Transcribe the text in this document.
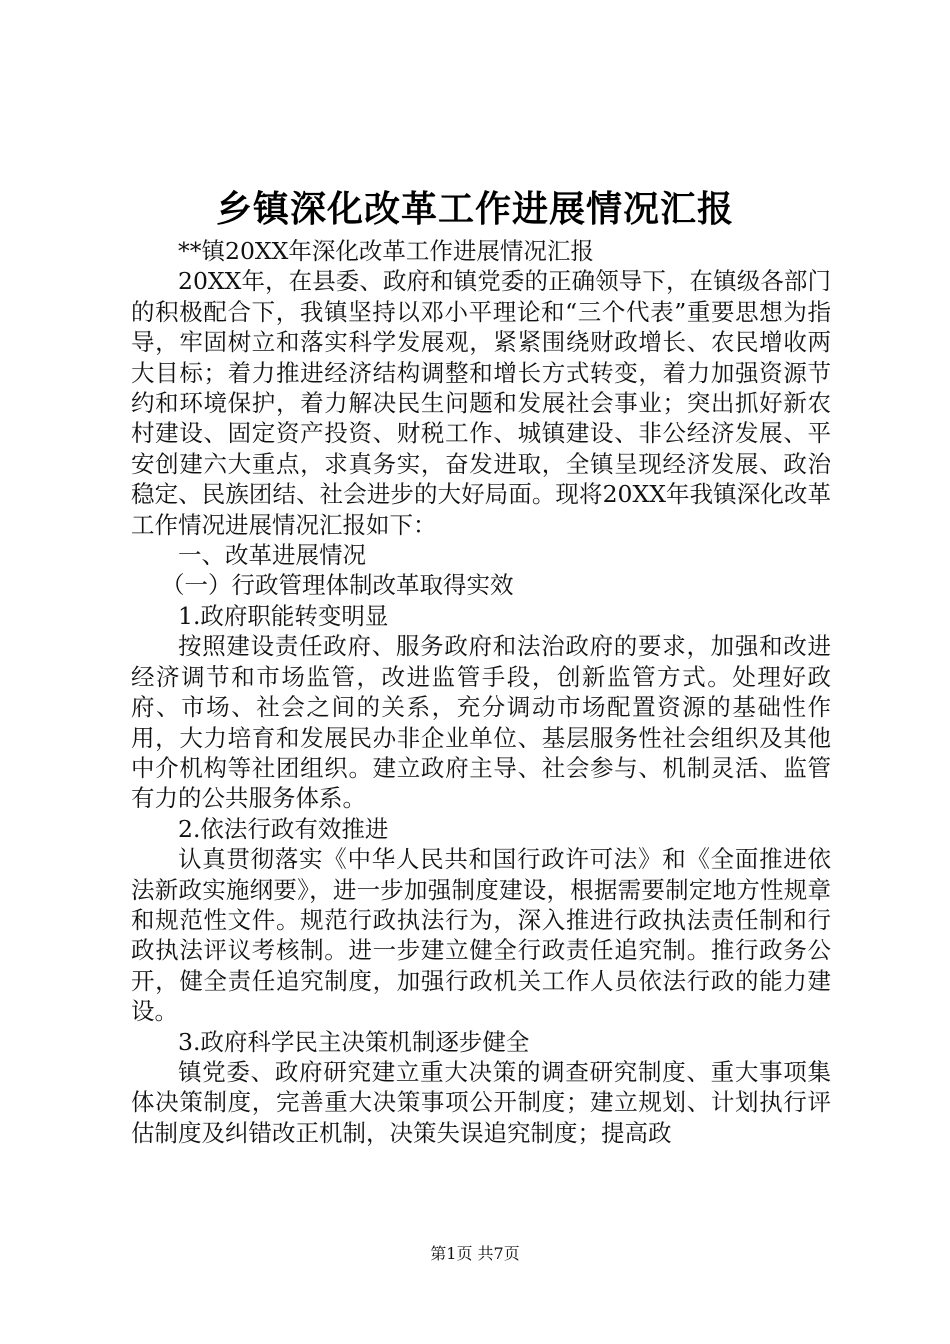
乡镇深化改革工作进展情况汇报

**镇20XX年深化改革工作进展情况汇报

20XX年，在县委、政府和镇党委的正确领导下，在镇级各部门的积极配合下，我镇坚持以邓小平理论和“三个代表”重要思想为指导，牢固树立和落实科学发展观，紧紧围绕财政增长、农民增收两大目标；着力推进经济结构调整和增长方式转变，着力加强资源节约和环境保护，着力解决民生问题和发展社会事业；突出抓好新农村建设、固定资产投资、财税工作、城镇建设、非公经济发展、平安创建六大重点，求真务实，奋发进取，全镇呈现经济发展、政治稳定、民族团结、社会进步的大好局面。现将20XX年我镇深化改革工作情况进展情况汇报如下：

一、改革进展情况

（一）行政管理体制改革取得实效

1.政府职能转变明显

按照建设责任政府、服务政府和法治政府的要求，加强和改进经济调节和市场监管，改进监管手段，创新监管方式。处理好政府、市场、社会之间的关系，充分调动市场配置资源的基础性作用，大力培育和发展民办非企业单位、基层服务性社会组织及其他中介机构等社团组织。建立政府主导、社会参与、机制灵活、监管有力的公共服务体系。

2.依法行政有效推进

认真贯彻落实《中华人民共和国行政许可法》和《全面推进依法新政实施纲要》，进一步加强制度建设，根据需要制定地方性规章和规范性文件。规范行政执法行为，深入推进行政执法责任制和行政执法评议考核制。进一步建立健全行政责任追究制。推行政务公开，健全责任追究制度，加强行政机关工作人员依法行政的能力建设。

3.政府科学民主决策机制逐步健全

镇党委、政府研究建立重大决策的调查研究制度、重大事项集体决策制度，完善重大决策事项公开制度；建立规划、计划执行评估制度及纠错改正机制，决策失误追究制度；提高政

第1页 共7页
